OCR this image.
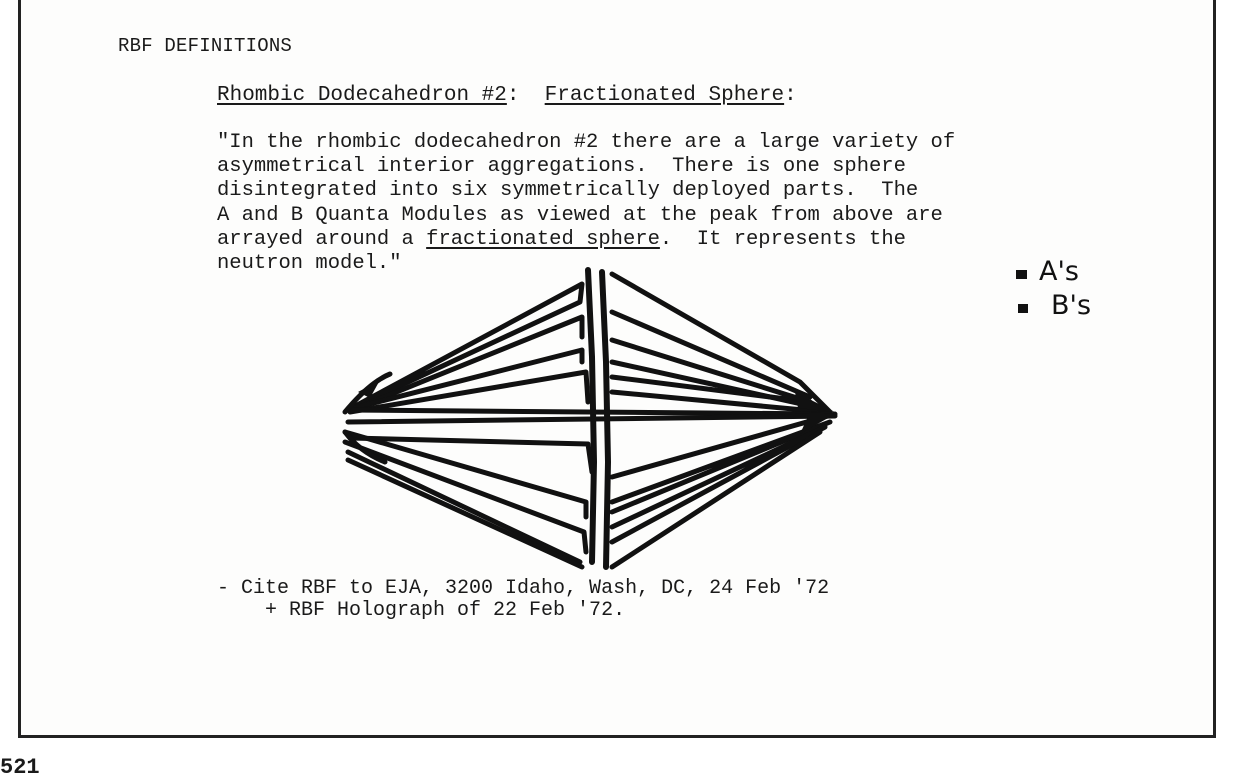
RBF DEFINITIONS
Rhombic Dodecahedron #2:  Fractionated Sphere:
"In the rhombic dodecahedron #2 there are a large variety of
asymmetrical interior aggregations.  There is one sphere
disintegrated into six symmetrically deployed parts.  The
A and B Quanta Modules as viewed at the peak from above are
arrayed around a fractionated sphere.  It represents the
neutron model."	A's
B's
- Cite RBF to EJA, 3200 Idaho, Wash, DC, 24 Feb '72
+ RBF Holograph of 22 Feb '72.
521
